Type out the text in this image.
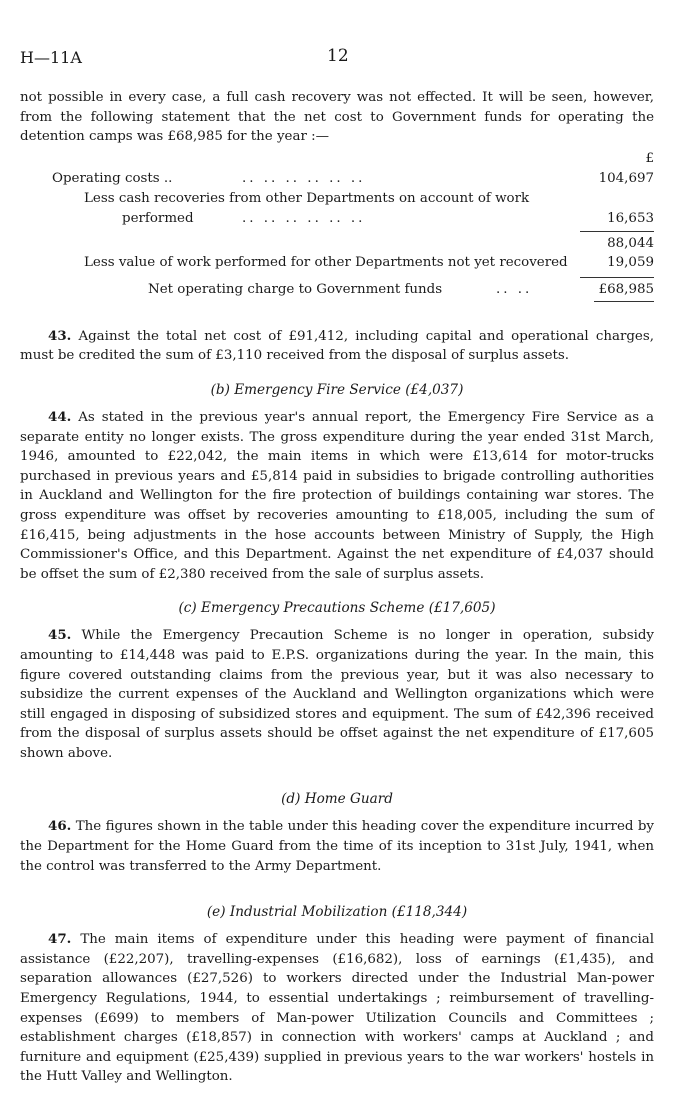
H—11A	12

not possible in every case, a full cash recovery was not effected. It will be seen, however, from the following statement that the net cost to Government funds for operating the detention camps was £68,985 for the year :—

£
Operating costs ..	.. .. .. .. .. ..	104,697
Less cash recoveries from other Departments on account of work
performed	.. .. .. .. .. ..	16,653
88,044
Less value of work performed for other Departments not yet recovered	19,059
Net operating charge to Government funds	.. ..	£68,985

43. Against the total net cost of £91,412, including capital and operational charges, must be credited the sum of £3,110 received from the disposal of surplus assets.

(b) Emergency Fire Service (£4,037)

44. As stated in the previous year's annual report, the Emergency Fire Service as a separate entity no longer exists. The gross expenditure during the year ended 31st March, 1946, amounted to £22,042, the main items in which were £13,614 for motor-trucks purchased in previous years and £5,814 paid in subsidies to brigade controlling authorities in Auckland and Wellington for the fire protection of buildings containing war stores. The gross expenditure was offset by recoveries amounting to £18,005, including the sum of £16,415, being adjustments in the hose accounts between Ministry of Supply, the High Commissioner's Office, and this Department. Against the net expenditure of £4,037 should be offset the sum of £2,380 received from the sale of surplus assets.

(c) Emergency Precautions Scheme (£17,605)

45. While the Emergency Precaution Scheme is no longer in operation, subsidy amounting to £14,448 was paid to E.P.S. organizations during the year. In the main, this figure covered outstanding claims from the previous year, but it was also necessary to subsidize the current expenses of the Auckland and Wellington organizations which were still engaged in disposing of subsidized stores and equipment. The sum of £42,396 received from the disposal of surplus assets should be offset against the net expenditure of £17,605 shown above.

(d) Home Guard

46. The figures shown in the table under this heading cover the expenditure incurred by the Department for the Home Guard from the time of its inception to 31st July, 1941, when the control was transferred to the Army Department.

(e) Industrial Mobilization (£118,344)

47. The main items of expenditure under this heading were payment of financial assistance (£22,207), travelling-expenses (£16,682), loss of earnings (£1,435), and separation allowances (£27,526) to workers directed under the Industrial Man-power Emergency Regulations, 1944, to essential undertakings ; reimbursement of travelling-expenses (£699) to members of Man-power Utilization Councils and Committees ; establishment charges (£18,857) in connection with workers' camps at Auckland ; and furniture and equipment (£25,439) supplied in previous years to the war workers' hostels in the Hutt Valley and Wellington.
